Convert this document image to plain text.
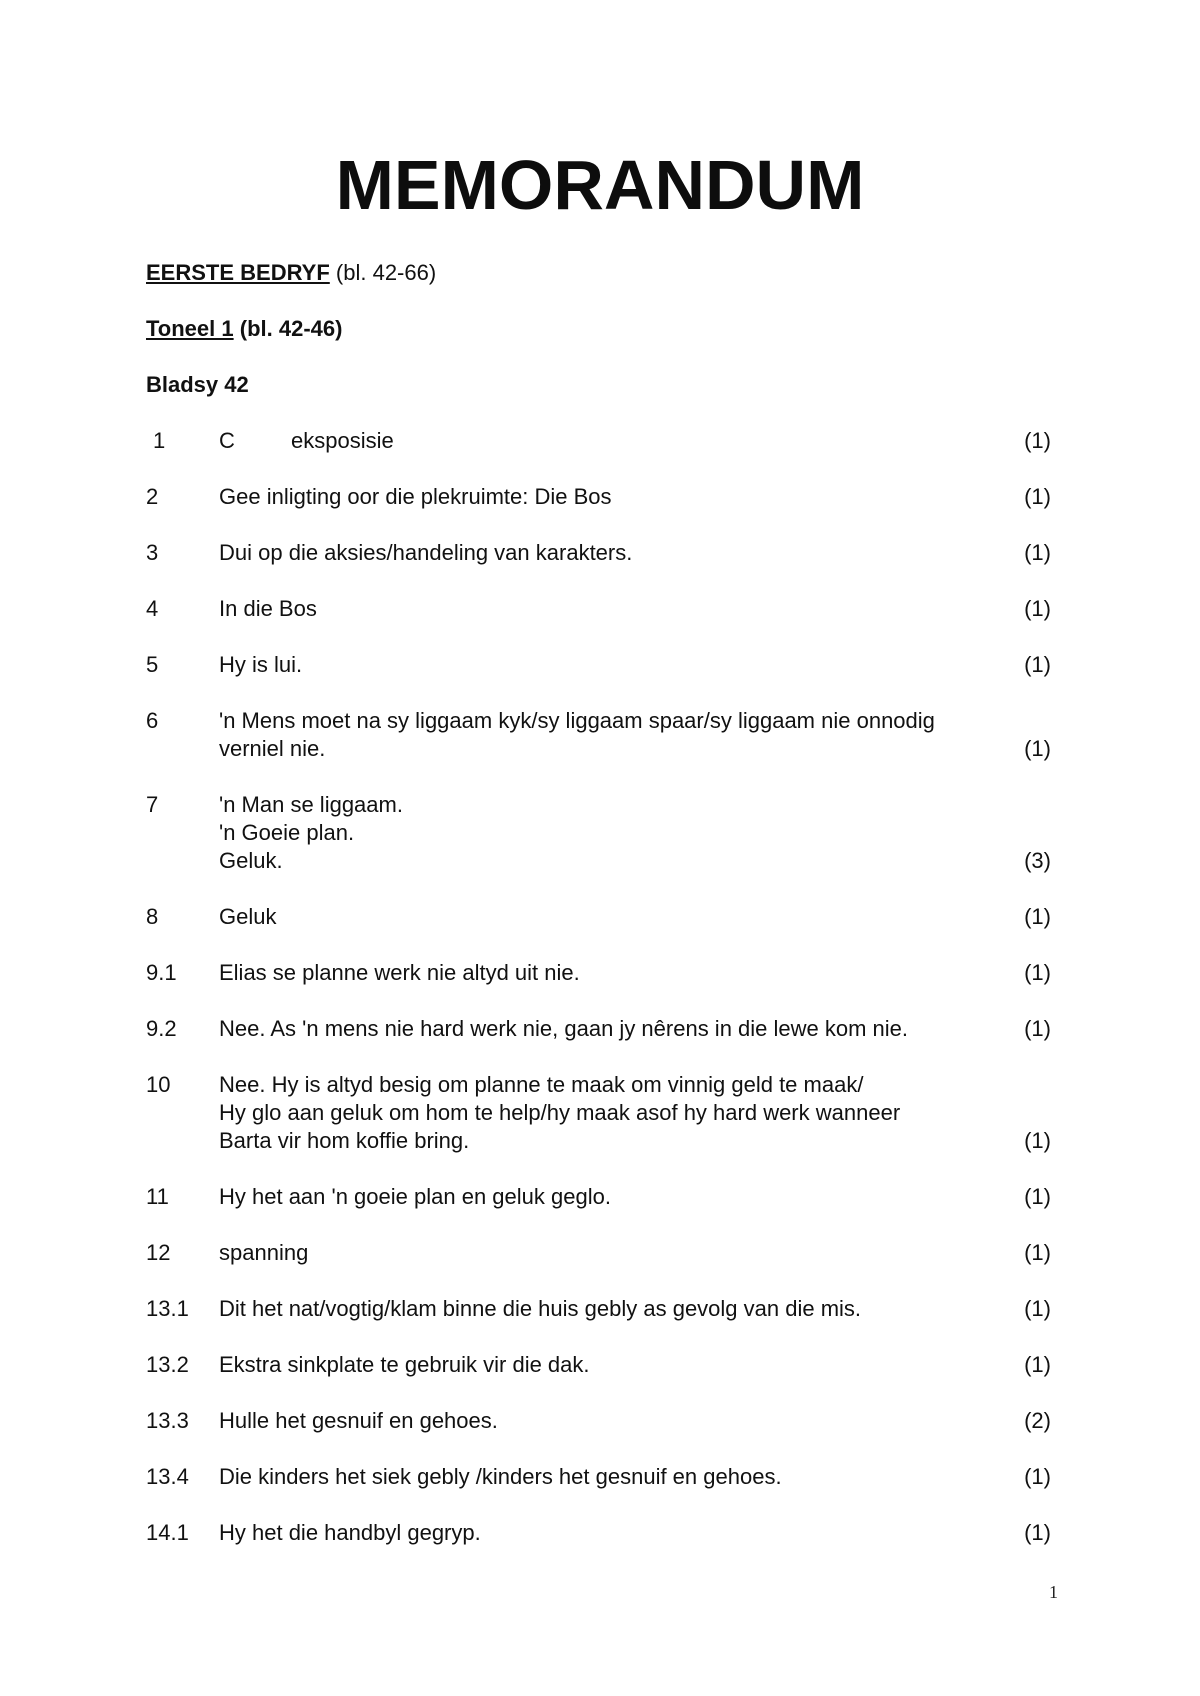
MEMORANDUM

EERSTE BEDRYF (bl. 42-66)

Toneel 1 (bl. 42-46)

Bladsy 42

1	C	eksposisie	(1)
2	Gee inligting oor die plekruimte: Die Bos	(1)
3	Dui op die aksies/handeling van karakters.	(1)
4	In die Bos	(1)
5	Hy is lui.	(1)
6	'n Mens moet na sy liggaam kyk/sy liggaam spaar/sy liggaam nie onnodig
verniel nie.	(1)
7	'n Man se liggaam.
'n Goeie plan.
Geluk.	(3)
8	Geluk	(1)
9.1	Elias se planne werk nie altyd uit nie.	(1)
9.2	Nee. As 'n mens nie hard werk nie, gaan jy nêrens in die lewe kom nie.	(1)
10	Nee. Hy is altyd besig om planne te maak om vinnig geld te maak/
Hy glo aan geluk om hom te help/hy maak asof hy hard werk wanneer
Barta vir hom koffie bring.	(1)
11	Hy het aan 'n goeie plan en geluk geglo.	(1)
12	spanning	(1)
13.1	Dit het nat/vogtig/klam binne die huis gebly as gevolg van die mis.	(1)
13.2	Ekstra sinkplate te gebruik vir die dak.	(1)
13.3	Hulle het gesnuif en gehoes.	(2)
13.4	Die kinders het siek gebly /kinders het gesnuif en gehoes.	(1)
14.1	Hy het die handbyl gegryp.	(1)
1
